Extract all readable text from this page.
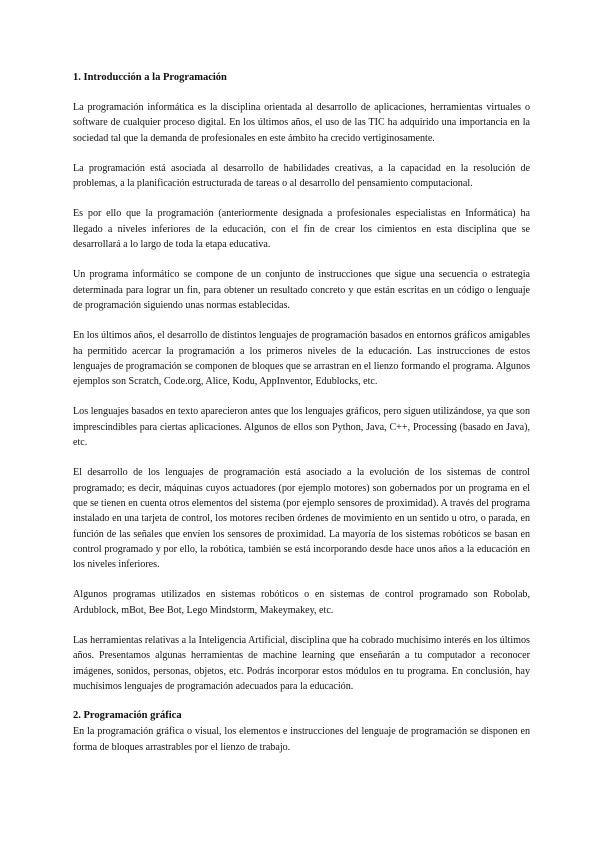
1. Introducción a la Programación

La programación informática es la disciplina orientada al desarrollo de aplicaciones, herramientas virtuales o software de cualquier proceso digital. En los últimos años, el uso de las TIC ha adquirido una importancia en la sociedad tal que la demanda de profesionales en este ámbito ha crecido vertiginosamente.

La programación está asociada al desarrollo de habilidades creativas, a la capacidad en la resolución de problemas, a la planificación estructurada de tareas o al desarrollo del pensamiento computacional.

Es por ello que la programación (anteriormente designada a profesionales especialistas en Informática) ha llegado a niveles inferiores de la educación, con el fin de crear los cimientos en esta disciplina que se desarrollará a lo largo de toda la etapa educativa.

Un programa informático se compone de un conjunto de instrucciones que sigue una secuencia o estrategia determinada para lograr un fin, para obtener un resultado concreto y que están escritas en un código o lenguaje de programación siguiendo unas normas establecidas.

En los últimos años, el desarrollo de distintos lenguajes de programación basados en entornos gráficos amigables ha permitido acercar la programación a los primeros niveles de la educación. Las instrucciones de estos lenguajes de programación se componen de bloques que se arrastran en el lienzo formando el programa. Algunos ejemplos son Scratch, Code.org, Alice, Kodu, AppInventor, Edublocks, etc.

Los lenguajes basados en texto aparecieron antes que los lenguajes gráficos, pero siguen utilizándose, ya que son imprescindibles para ciertas aplicaciones. Algunos de ellos son Python, Java, C++, Processing (basado en Java), etc.

El desarrollo de los lenguajes de programación está asociado a la evolución de los sistemas de control programado; es decir, máquinas cuyos actuadores (por ejemplo motores) son gobernados por un programa en el que se tienen en cuenta otros elementos del sistema (por ejemplo sensores de proximidad). A través del programa instalado en una tarjeta de control, los motores reciben órdenes de movimiento en un sentido u otro, o parada, en función de las señales que envíen los sensores de proximidad. La mayoría de los sistemas robóticos se basan en control programado y por ello, la robótica, también se está incorporando desde hace unos años a la educación en los niveles inferiores.

Algunos programas utilizados en sistemas robóticos o en sistemas de control programado son Robolab, Ardublock, mBot, Bee Bot, Lego Mindstorm, Makeymakey, etc.

Las herramientas relativas a la Inteligencia Artificial, disciplina que ha cobrado muchísimo interés en los últimos años. Presentamos algunas herramientas de machine learning que enseñarán a tu computador a reconocer imágenes, sonidos, personas, objetos, etc. Podrás incorporar estos módulos en tu programa. En conclusión, hay muchísimos lenguajes de programación adecuados para la educación.

2. Programación gráfica

En la programación gráfica o visual, los elementos e instrucciones del lenguaje de programación se disponen en forma de bloques arrastrables por el lienzo de trabajo.
